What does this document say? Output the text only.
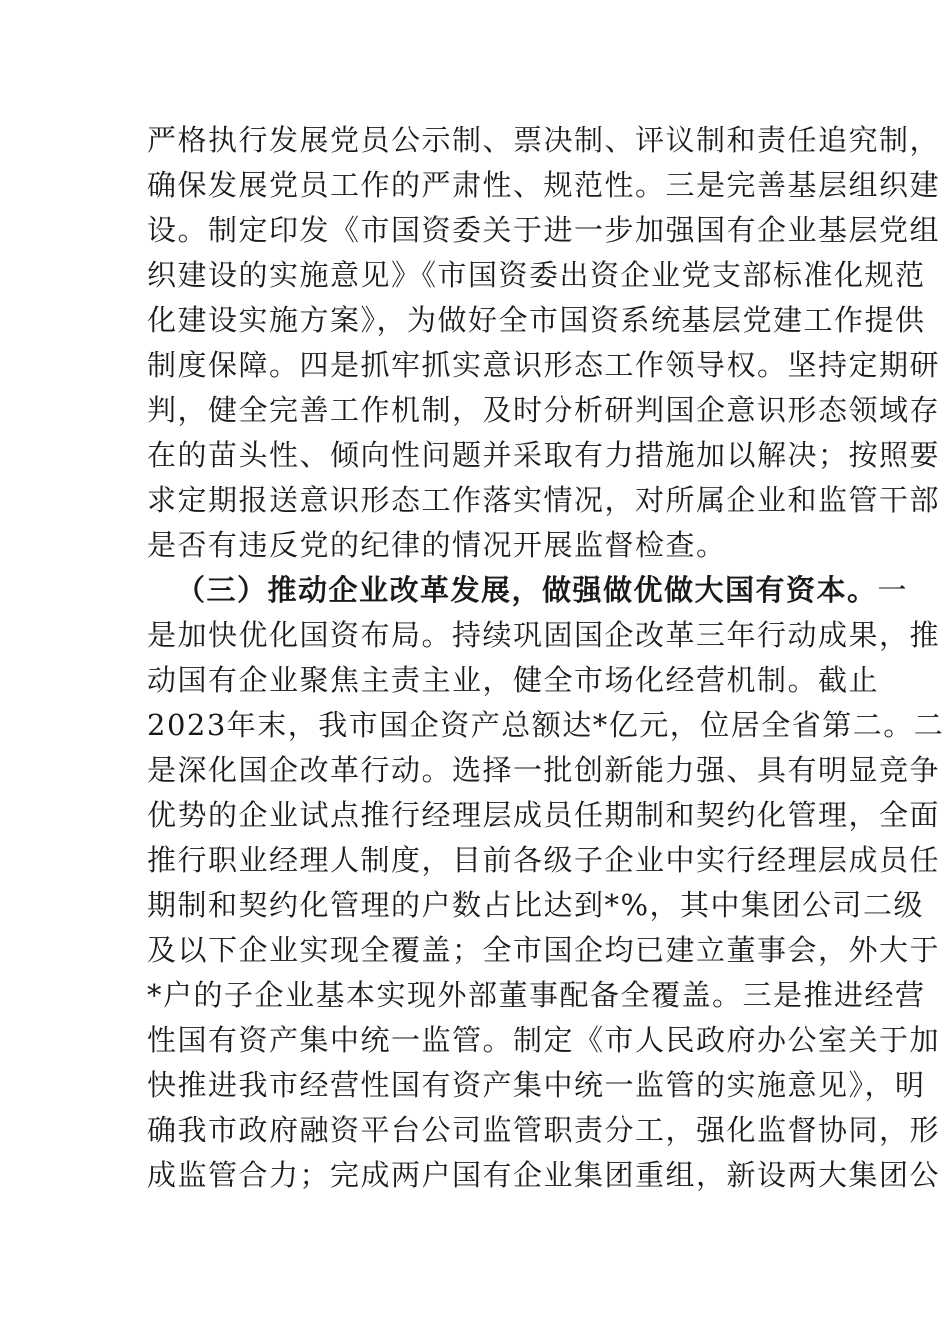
严格执行发展党员公示制、票决制、评议制和责任追究制，
确保发展党员工作的严肃性、规范性。三是完善基层组织建
设。制定印发《市国资委关于进一步加强国有企业基层党组
织建设的实施意见》《市国资委出资企业党支部标准化规范
化建设实施方案》，为做好全市国资系统基层党建工作提供
制度保障。四是抓牢抓实意识形态工作领导权。坚持定期研
判，健全完善工作机制，及时分析研判国企意识形态领域存
在的苗头性、倾向性问题并采取有力措施加以解决；按照要
求定期报送意识形态工作落实情况，对所属企业和监管干部
是否有违反党的纪律的情况开展监督检查。
（三）推动企业改革发展，做强做优做大国有资本。一
是加快优化国资布局。持续巩固国企改革三年行动成果，推
动国有企业聚焦主责主业，健全市场化经营机制。截止
2023年末，我市国企资产总额达*亿元，位居全省第二。二
是深化国企改革行动。选择一批创新能力强、具有明显竞争
优势的企业试点推行经理层成员任期制和契约化管理，全面
推行职业经理人制度，目前各级子企业中实行经理层成员任
期制和契约化管理的户数占比达到*%，其中集团公司二级
及以下企业实现全覆盖；全市国企均已建立董事会，外大于
*户的子企业基本实现外部董事配备全覆盖。三是推进经营
性国有资产集中统一监管。制定《市人民政府办公室关于加
快推进我市经营性国有资产集中统一监管的实施意见》，明
确我市政府融资平台公司监管职责分工，强化监督协同，形
成监管合力；完成两户国有企业集团重组，新设两大集团公
